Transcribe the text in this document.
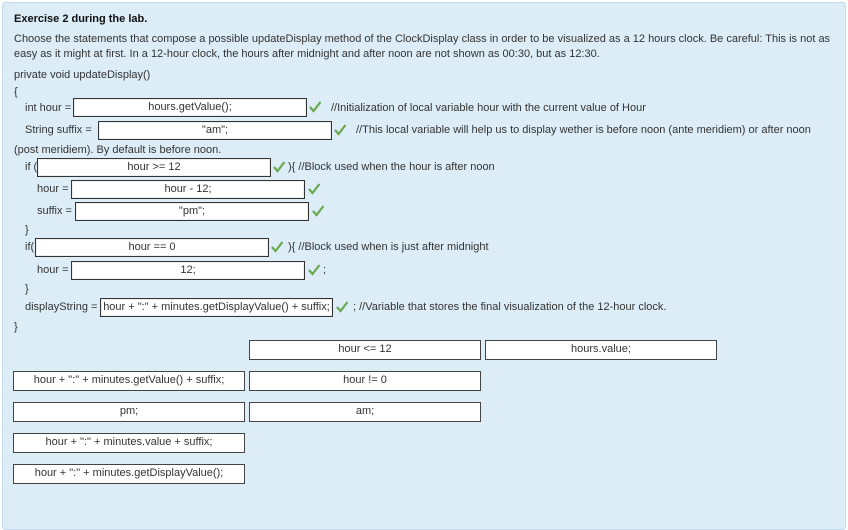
Exercise 2 during the lab.
Choose the statements that compose a possible updateDisplay method of the ClockDisplay class in order to be visualized as a 12 hours clock. Be careful: This is not as
easy as it might at first. In a 12-hour clock, the hours after midnight and after noon are not shown as 00:30, but as 12:30.
private void updateDisplay()
{
int hour =	hours.getValue();	//Initialization of local variable hour with the current value of Hour
String suffix =	"am";	//This local variable will help us to display wether is before noon (ante meridiem) or after noon
(post meridiem). By default is before noon.
if (	hour >= 12	){ //Block used when the hour is after noon
hour =	hour - 12;
suffix =	"pm";
}
if(	hour == 0	){ //Block used when is just after midnight
hour =	12;	;
}
displayString = hour + ":" + minutes.getDisplayValue() + suffix; ; //Variable that stores the final visualization of the 12-hour clock.
}
hour <= 12	hours.value;
hour + ":" + minutes.getValue() + suffix;	hour != 0
pm;	am;
hour + ":" + minutes.value + suffix;
hour + ":" + minutes.getDisplayValue();
